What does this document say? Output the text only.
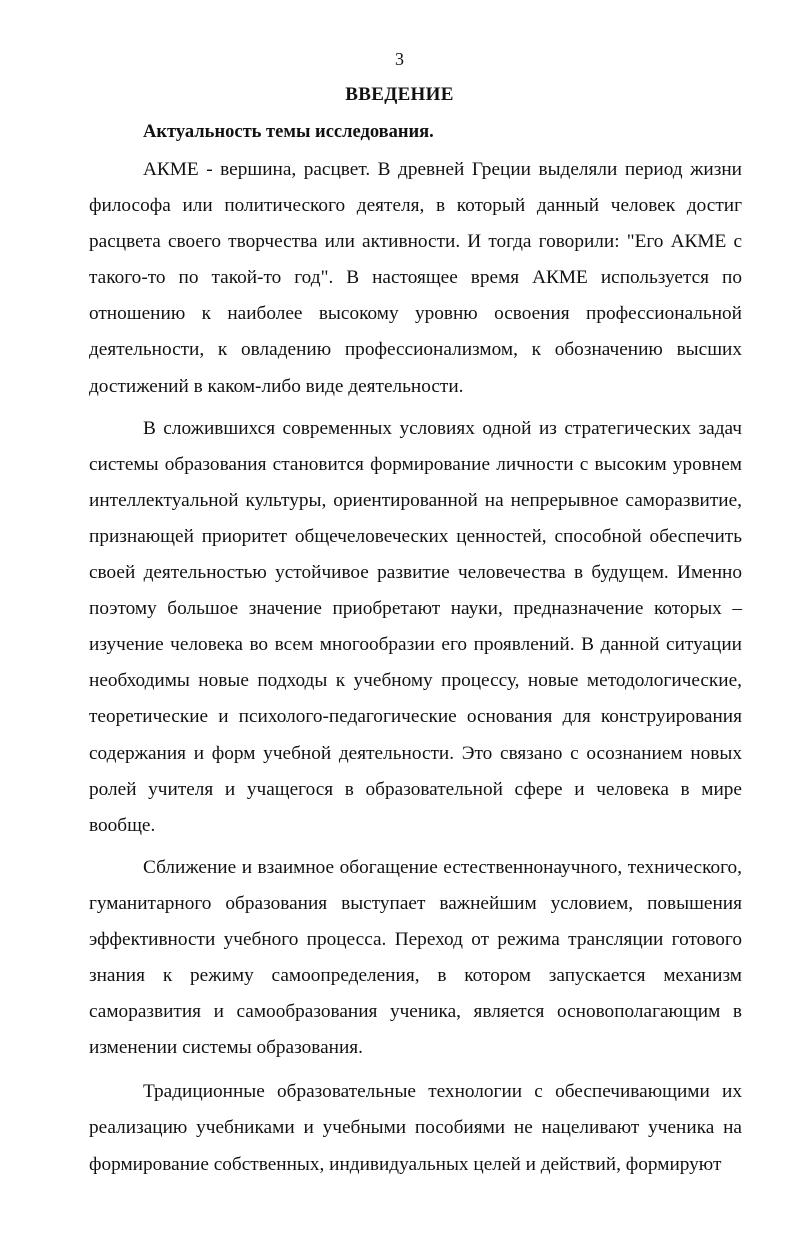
3
ВВЕДЕНИЕ
Актуальность темы исследования.

АКМЕ - вершина, расцвет. В древней Греции выделяли период жизни философа или политического деятеля, в который данный человек достиг расцвета своего творчества или активности. И тогда говорили: "Его АКМЕ с такого-то по такой-то год". В настоящее время АКМЕ используется по отношению к наиболее высокому уровню освоения профессиональной деятельности, к овладению профессионализмом, к обозначению высших достижений в каком-либо виде деятельности.

В сложившихся современных условиях одной из стратегических задач системы образования становится формирование личности с высоким уровнем интеллектуальной культуры, ориентированной на непрерывное саморазвитие, признающей приоритет общечеловеческих ценностей, способной обеспечить своей деятельностью устойчивое развитие человечества в будущем. Именно поэтому большое значение приобретают науки, предназначение которых – изучение человека во всем многообразии его проявлений. В данной ситуации необходимы новые подходы к учебному процессу, новые методологические, теоретические и психолого-педагогические основания для конструирования содержания и форм учебной деятельности. Это связано с осознанием новых ролей учителя и учащегося в образовательной сфере и человека в мире вообще.

Сближение и взаимное обогащение естественнонаучного, технического, гуманитарного образования выступает важнейшим условием, повышения эффективности учебного процесса. Переход от режима трансляции готового знания к режиму самоопределения, в котором запускается механизм саморазвития и самообразования ученика, является основополагающим в изменении системы образования.

Традиционные образовательные технологии с обеспечивающими их реализацию учебниками и учебными пособиями не нацеливают ученика на формирование собственных, индивидуальных целей и действий, формируют
